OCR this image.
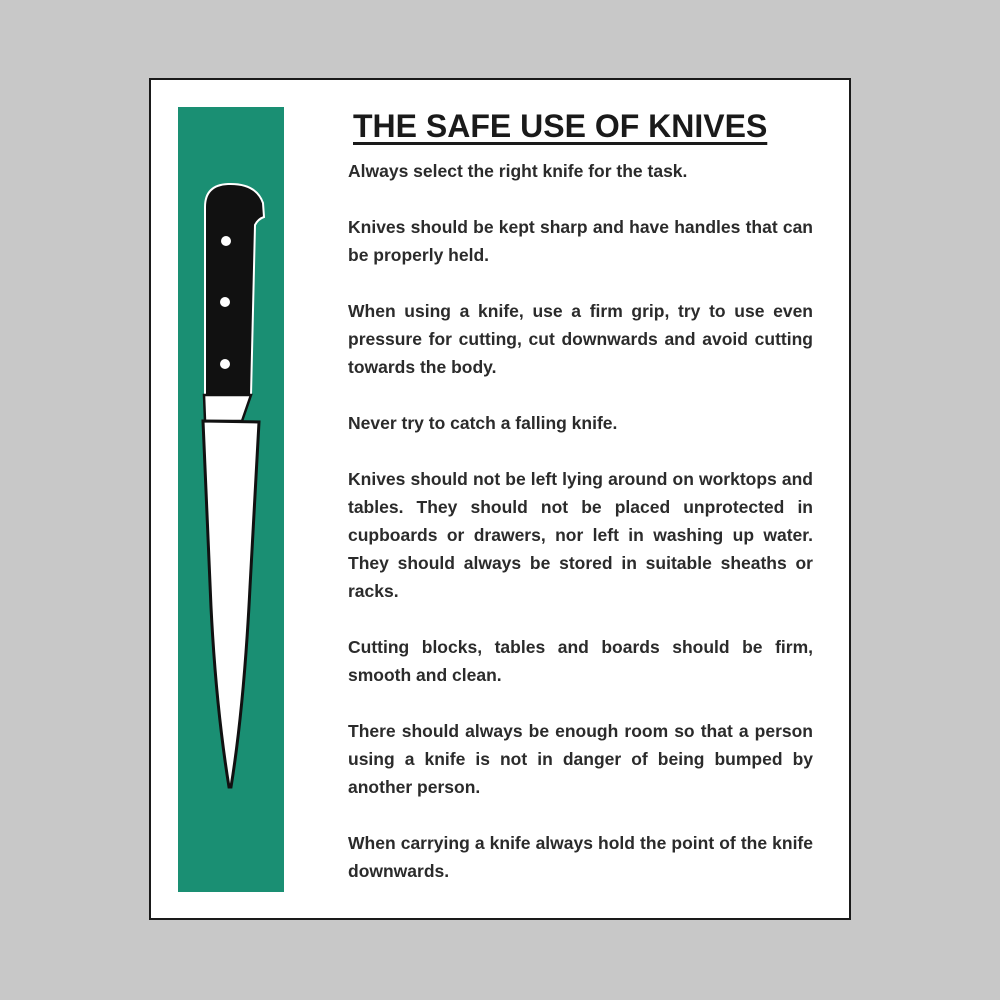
THE SAFE USE OF KNIVES

Always select the right knife for the task.

Knives should be kept sharp and have handles that can be properly held.

When using a knife, use a firm grip, try to use even pressure for cutting, cut downwards and avoid cutting towards the body.

Never try to catch a falling knife.

Knives should not be left lying around on worktops and tables. They should not be placed unprotected in cupboards or drawers, nor left in washing up water. They should always be stored in suitable sheaths or racks.

Cutting blocks, tables and boards should be firm, smooth and clean.

There should always be enough room so that a person using a knife is not in danger of being bumped by another person.

When carrying a knife always hold the point of the knife downwards.
